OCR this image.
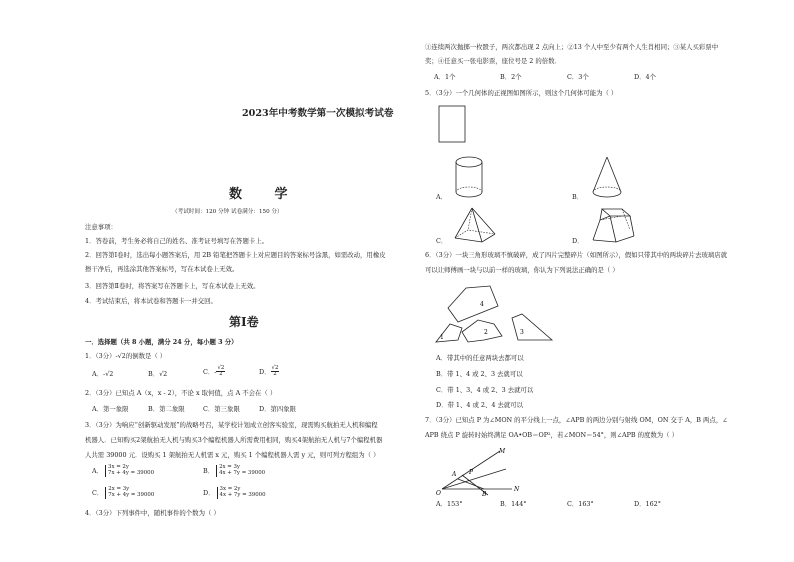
2023年中考数学第一次模拟考试卷
数 学
（考试时间：120 分钟 试卷满分：150 分）
注意事项：
1．答卷前，考生务必将自己的姓名、准考证号填写在答题卡上。
2．回答第Ⅰ卷时，选出每小题答案后，用 2B 铅笔把答题卡上对应题目的答案标号涂黑，如需改动，用橡皮
擦干净后，再选涂其他答案标号，写在本试卷上无效。
3．回答第Ⅱ卷时，将答案写在答题卡上，写在本试卷上无效。
4．考试结束后，将本试卷和答题卡一并交回。
第Ⅰ卷
一．选择题（共 8 小题，满分 24 分，每小题 3 分）
1．（3分）-√2的倒数是（ ）
A．-√2	B．√2	C．- $\frac{√2}{2}$	D． $\frac{√2}{2}$
2．（3分）已知点 A（x，x - 2），不论 x 取何值，点 A 不会在（ ）
A．第一象限	B．第二象限	C．第三象限	D．第四象限
3．（3分）为响应“创新驱动发展”的战略号召，某学校计划成立创客实验室，现需购买航拍无人机和编程
机器人．已知购买2架航拍无人机与购买3个编程机器人所需费用相同，购买4架航拍无人机与7个编程机器
人共需 39000 元．设购买 1 架航拍无人机需 x 元，购买 1 个编程机器人需 y 元，则可列方程组为（ ）
A． 3x = 2y
7x + 4y = 39000	B． 2x = 3y
4x + 7y = 39000
C． 2x = 3y
7x + 4y = 39000	D． 3x = 2y
4x + 7y = 39000
4．（3分）下列事件中，随机事件的个数为（ ）
①连续两次抛掷一枚骰子，两次都出现 2 点向上；②13 个人中至少有两个人生肖相同；③某人买彩票中
奖；④任意买一张电影票，座位号是 2 的倍数．
A．1个	B．2个	C．3个	D．4个
5．（3分）一个几何体的正视图如图所示，则这个几何体可能为（ ）
A．	B．
C．	D．
6．（3分）一块三角形玻璃不慎破碎，成了四片完整碎片（如图所示），假如只带其中的两块碎片去玻璃店就
可以让师傅画一块与以前一样的玻璃，你认为下列说法正确的是（ ）
4
1
2	3
A．带其中的任意两块去都可以
B．带 1、4 或 2、3 去就可以
C．带 1、3、4 或 2、3 去就可以
D．带 1、4 或 2、4 去就可以
7．（3分）已知点 P 为∠MON 的平分线上一点，∠APB 的两边分别与射线 OM，ON 交于 A，B 两点，∠
APB 绕点 P 旋转时始终满足 OA•OB＝OP²，若∠MON＝54°，则∠APB 的度数为（ ）
M
A P
O	B
N
A．153°	B．144°	C．163°	D．162°
